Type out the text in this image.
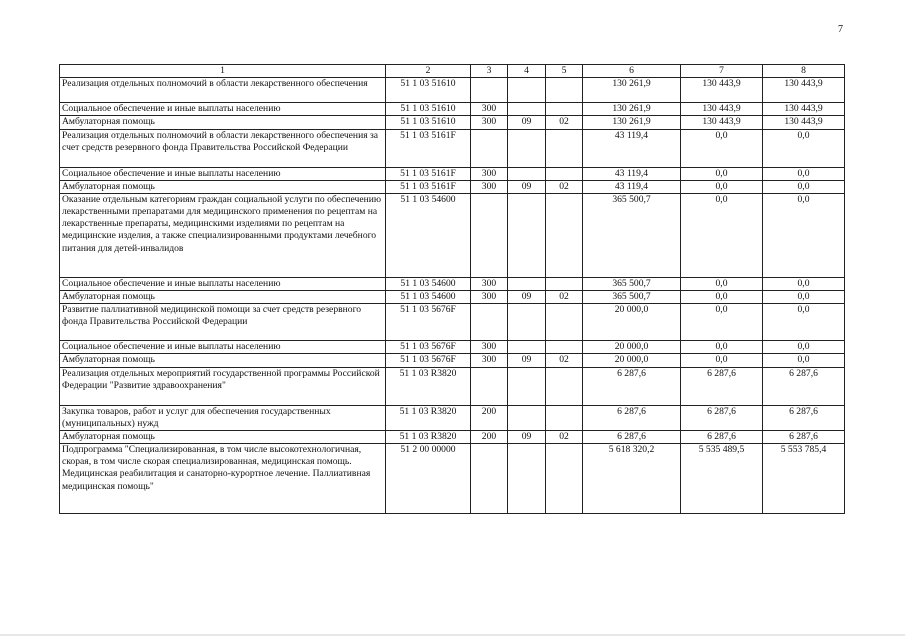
7
1	2	3	4	5	6	7	8
Реализация отдельных полномочий в области лекарственного обеспечения	51 1 03 51610				130 261,9	130 443,9	130 443,9
Социальное обеспечение и иные выплаты населению	51 1 03 51610	300			130 261,9	130 443,9	130 443,9
Амбулаторная помощь	51 1 03 51610	300	09	02	130 261,9	130 443,9	130 443,9
Реализация отдельных полномочий в области лекарственного обеспечения за счет средств резервного фонда Правительства Российской Федерации	51 1 03 5161F				43 119,4	0,0	0,0
Социальное обеспечение и иные выплаты населению	51 1 03 5161F	300			43 119,4	0,0	0,0
Амбулаторная помощь	51 1 03 5161F	300	09	02	43 119,4	0,0	0,0
Оказание отдельным категориям граждан социальной услуги по обеспечению лекарственными препаратами для медицинского применения по рецептам на лекарственные препараты, медицинскими изделиями по рецептам на медицинские изделия, а также специализированными продуктами лечебного питания для детей-инвалидов	51 1 03 54600				365 500,7	0,0	0,0
Социальное обеспечение и иные выплаты населению	51 1 03 54600	300			365 500,7	0,0	0,0
Амбулаторная помощь	51 1 03 54600	300	09	02	365 500,7	0,0	0,0
Развитие паллиативной медицинской помощи за счет средств резервного фонда Правительства Российской Федерации	51 1 03 5676F				20 000,0	0,0	0,0
Социальное обеспечение и иные выплаты населению	51 1 03 5676F	300			20 000,0	0,0	0,0
Амбулаторная помощь	51 1 03 5676F	300	09	02	20 000,0	0,0	0,0
Реализация отдельных мероприятий государственной программы Российской Федерации "Развитие здравоохранения"	51 1 03 R3820				6 287,6	6 287,6	6 287,6
Закупка товаров, работ и услуг для обеспечения государственных (муниципальных) нужд	51 1 03 R3820	200			6 287,6	6 287,6	6 287,6
Амбулаторная помощь	51 1 03 R3820	200	09	02	6 287,6	6 287,6	6 287,6
Подпрограмма "Специализированная, в том числе высокотехнологичная, скорая, в том числе скорая специализированная, медицинская помощь. Медицинская реабилитация и санаторно-курортное лечение. Паллиативная медицинская помощь"	51 2 00 00000				5 618 320,2	5 535 489,5	5 553 785,4
